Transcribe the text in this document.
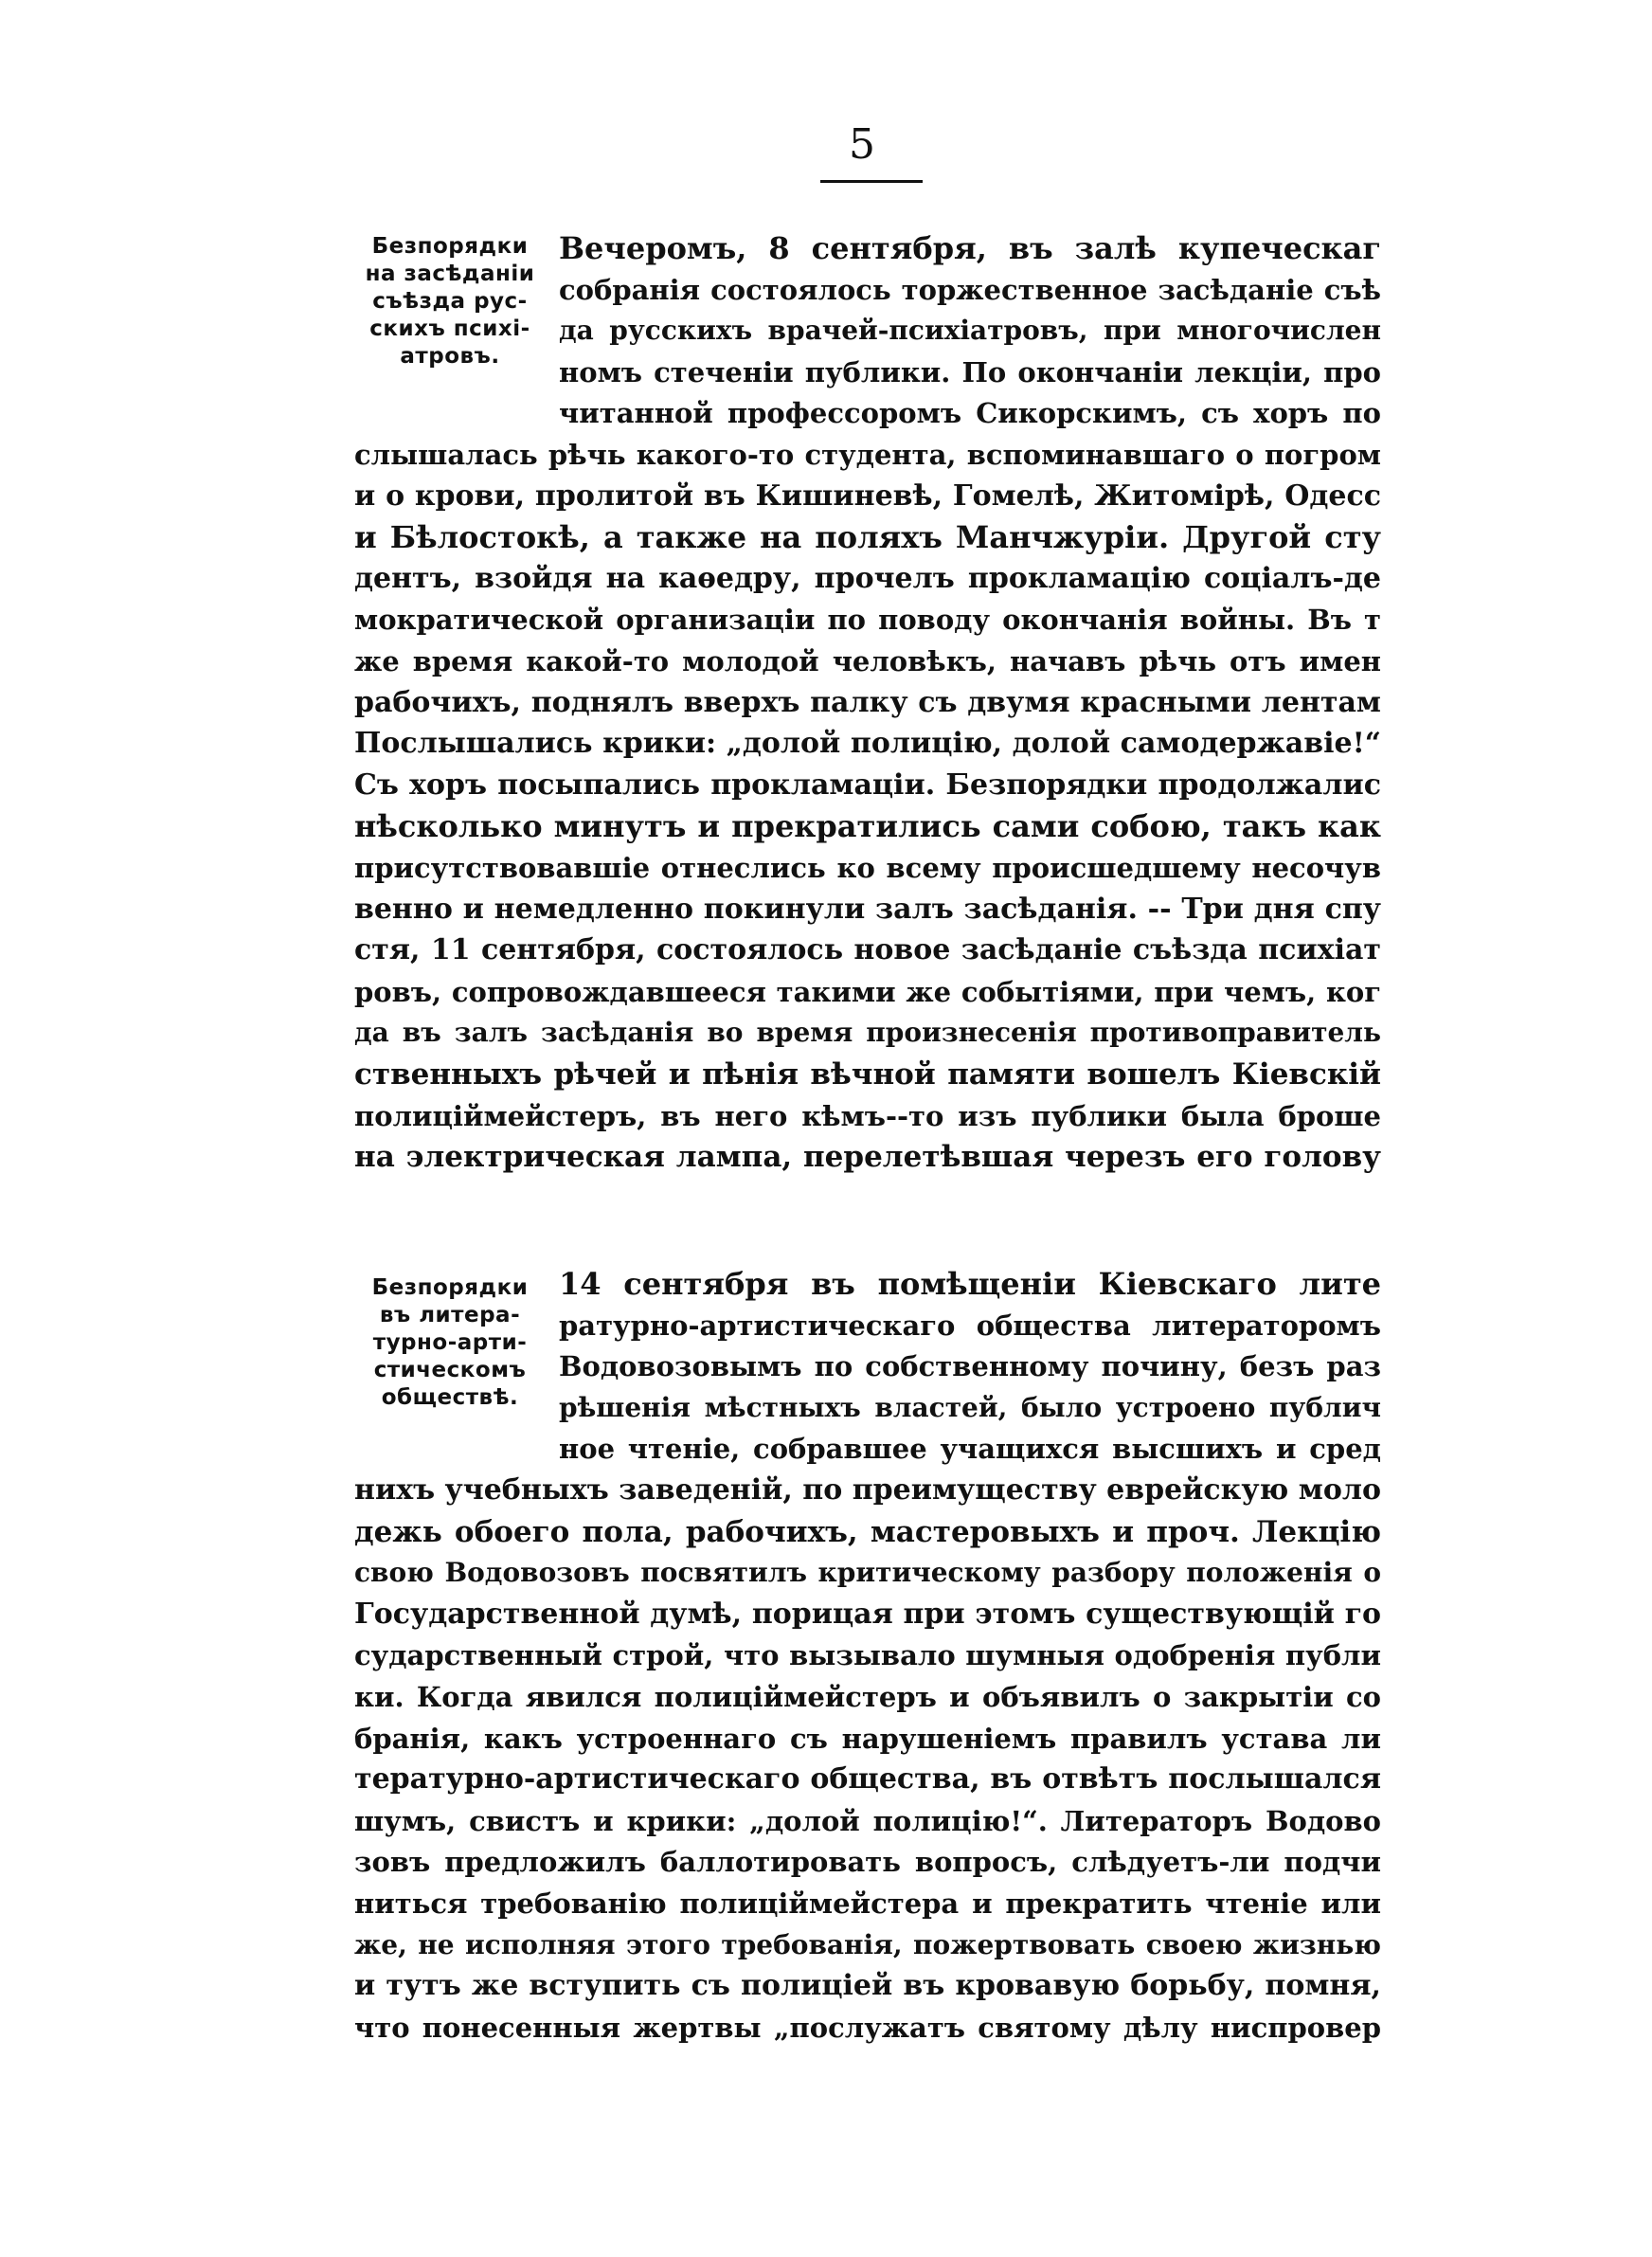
5
Безпорядки
на засѣданіи
съѣзда рус-
скихъ психі-
атровъ.
Вечеромъ, 8 сентября, въ залѣ купеческаг
собранія состоялось торжественное засѣданіе съѣ
да русскихъ врачей-психіатровъ, при многочислен
номъ стеченіи публики. По окончаніи лекціи, про
читанной профессоромъ Сикорскимъ, съ хоръ по
слышалась рѣчь какого-то студента, вспоминавшаго о погром
и о крови, пролитой въ Кишиневѣ, Гомелѣ, Житомірѣ, Одесс
и Бѣлостокѣ, а также на поляхъ Манчжуріи. Другой сту
дентъ, взойдя на каѳедру, прочелъ прокламацію соціалъ-де
мократической организаціи по поводу окончанія войны. Въ т
же время какой-то молодой человѣкъ, начавъ рѣчь отъ имен
рабочихъ, поднялъ вверхъ палку съ двумя красными лентам
Послышались крики: „долой полицію, долой самодержавіе!“
Съ хоръ посыпались прокламаціи. Безпорядки продолжалис
нѣсколько минутъ и прекратились сами собою, такъ как
присутствовавшіе отнеслись ко всему происшедшему несочув
венно и немедленно покинули залъ засѣданія. -- Три дня спу
стя, 11 сентября, состоялось новое засѣданіе съѣзда психіат
ровъ, сопровождавшееся такими же событіями, при чемъ, ког
да въ залъ засѣданія во время произнесенія противоправитель
ственныхъ рѣчей и пѣнія вѣчной памяти вошелъ Кіевскій
полиціймейстеръ, въ него кѣмъ--то изъ публики была броше
на электрическая лампа, перелетѣвшая черезъ его голову
Безпорядки
въ литера-
турно-арти-
стическомъ
обществѣ.
14 сентября въ помѣщеніи Кіевскаго лите
ратурно-артистическаго общества литераторомъ
Водовозовымъ по собственному почину, безъ раз
рѣшенія мѣстныхъ властей, было устроено публич
ное чтеніе, собравшее учащихся высшихъ и сред
нихъ учебныхъ заведеній, по преимуществу еврейскую моло
дежь обоего пола, рабочихъ, мастеровыхъ и проч. Лекцію
свою Водовозовъ посвятилъ критическому разбору положенія о
Государственной думѣ, порицая при этомъ существующій го
сударственный строй, что вызывало шумныя одобренія публи
ки. Когда явился полиціймейстеръ и объявилъ о закрытіи со
бранія, какъ устроеннаго съ нарушеніемъ правилъ устава ли
тературно-артистическаго общества, въ отвѣтъ послышался
шумъ, свистъ и крики: „долой полицію!“. Литераторъ Водово
зовъ предложилъ баллотировать вопросъ, слѣдуетъ-ли подчи
ниться требованію полиціймейстера и прекратить чтеніе или
же, не исполняя этого требованія, пожертвовать своею жизнью
и тутъ же вступить съ полиціей въ кровавую борьбу, помня,
что понесенныя жертвы „послужатъ святому дѣлу ниспровер
